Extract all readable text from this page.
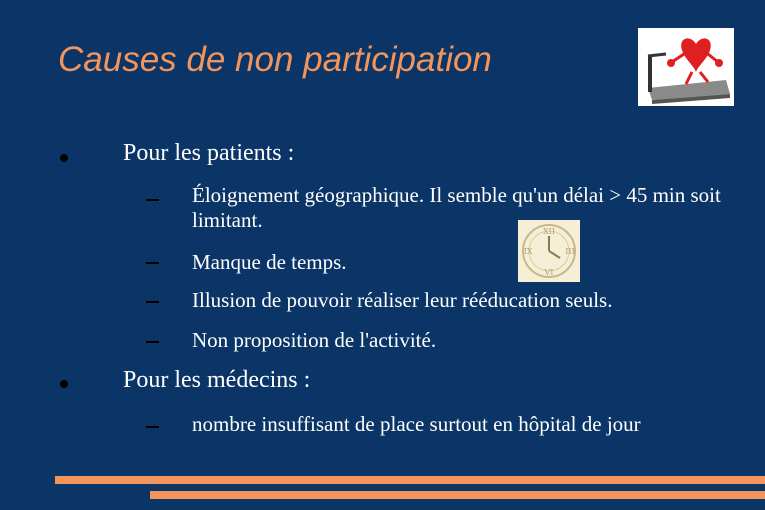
Causes de non participation
Pour les patients :
Éloignement géographique. Il semble qu'un délai > 45 min soit limitant.
Manque de temps.
Illusion de pouvoir réaliser leur rééducation seuls.
Non proposition de l'activité.
XII
III
VI
IX
Pour les médecins :
nombre insuffisant de place surtout en hôpital de jour
